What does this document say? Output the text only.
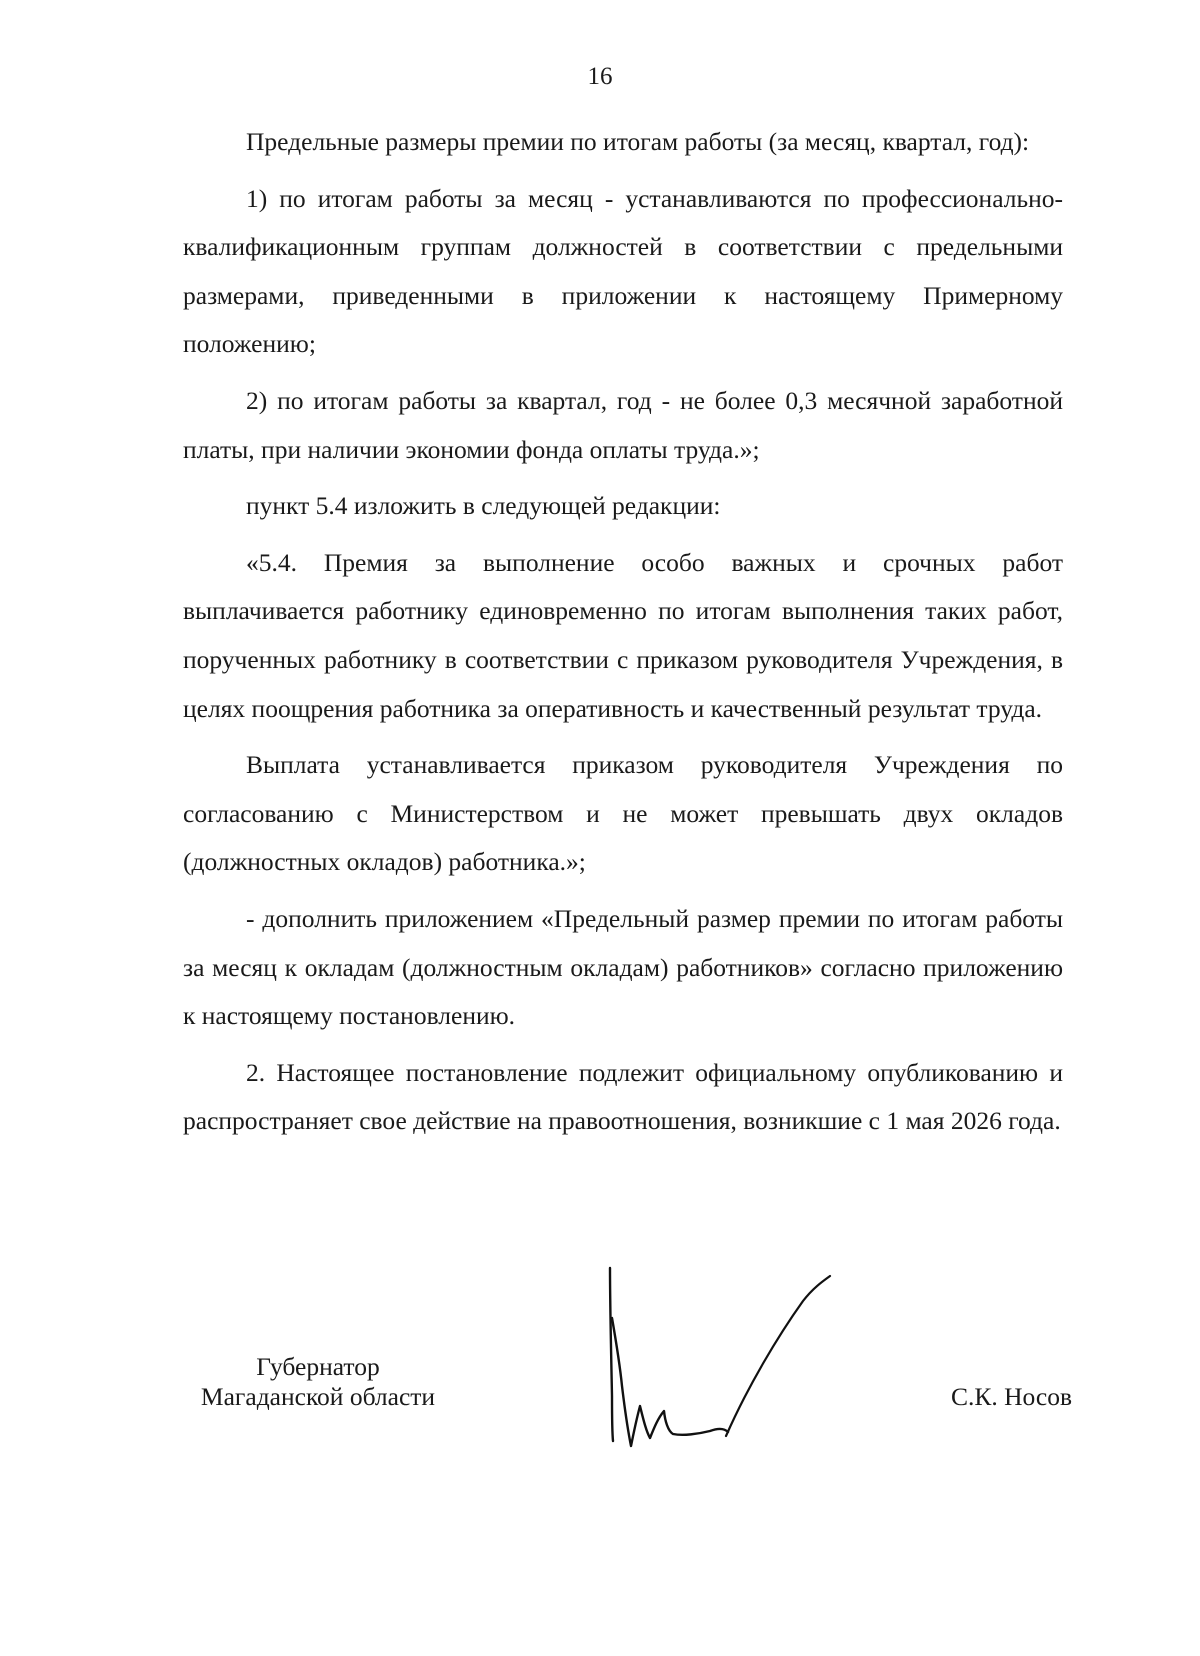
16

Предельные размеры премии по итогам работы (за месяц, квартал, год):

1) по итогам работы за месяц - устанавливаются по профессионально-квалификационным группам должностей в соответствии с предельными размерами, приведенными в приложении к настоящему Примерному положению;

2) по итогам работы за квартал, год - не более 0,3 месячной заработной платы, при наличии экономии фонда оплаты труда.»;

пункт 5.4 изложить в следующей редакции:

«5.4. Премия за выполнение особо важных и срочных работ выплачивается работнику единовременно по итогам выполнения таких работ, порученных работнику в соответствии с приказом руководителя Учреждения, в целях поощрения работника за оперативность и качественный результат труда.

Выплата устанавливается приказом руководителя Учреждения по согласованию с Министерством и не может превышать двух окладов (должностных окладов) работника.»;

- дополнить приложением «Предельный размер премии по итогам работы за месяц к окладам (должностным окладам) работников» согласно приложению к настоящему постановлению.

2. Настоящее постановление подлежит официальному опубликованию и распространяет свое действие на правоотношения, возникшие с 1 мая 2026 года.

Губернатор
Магаданской области	С.К. Носов
